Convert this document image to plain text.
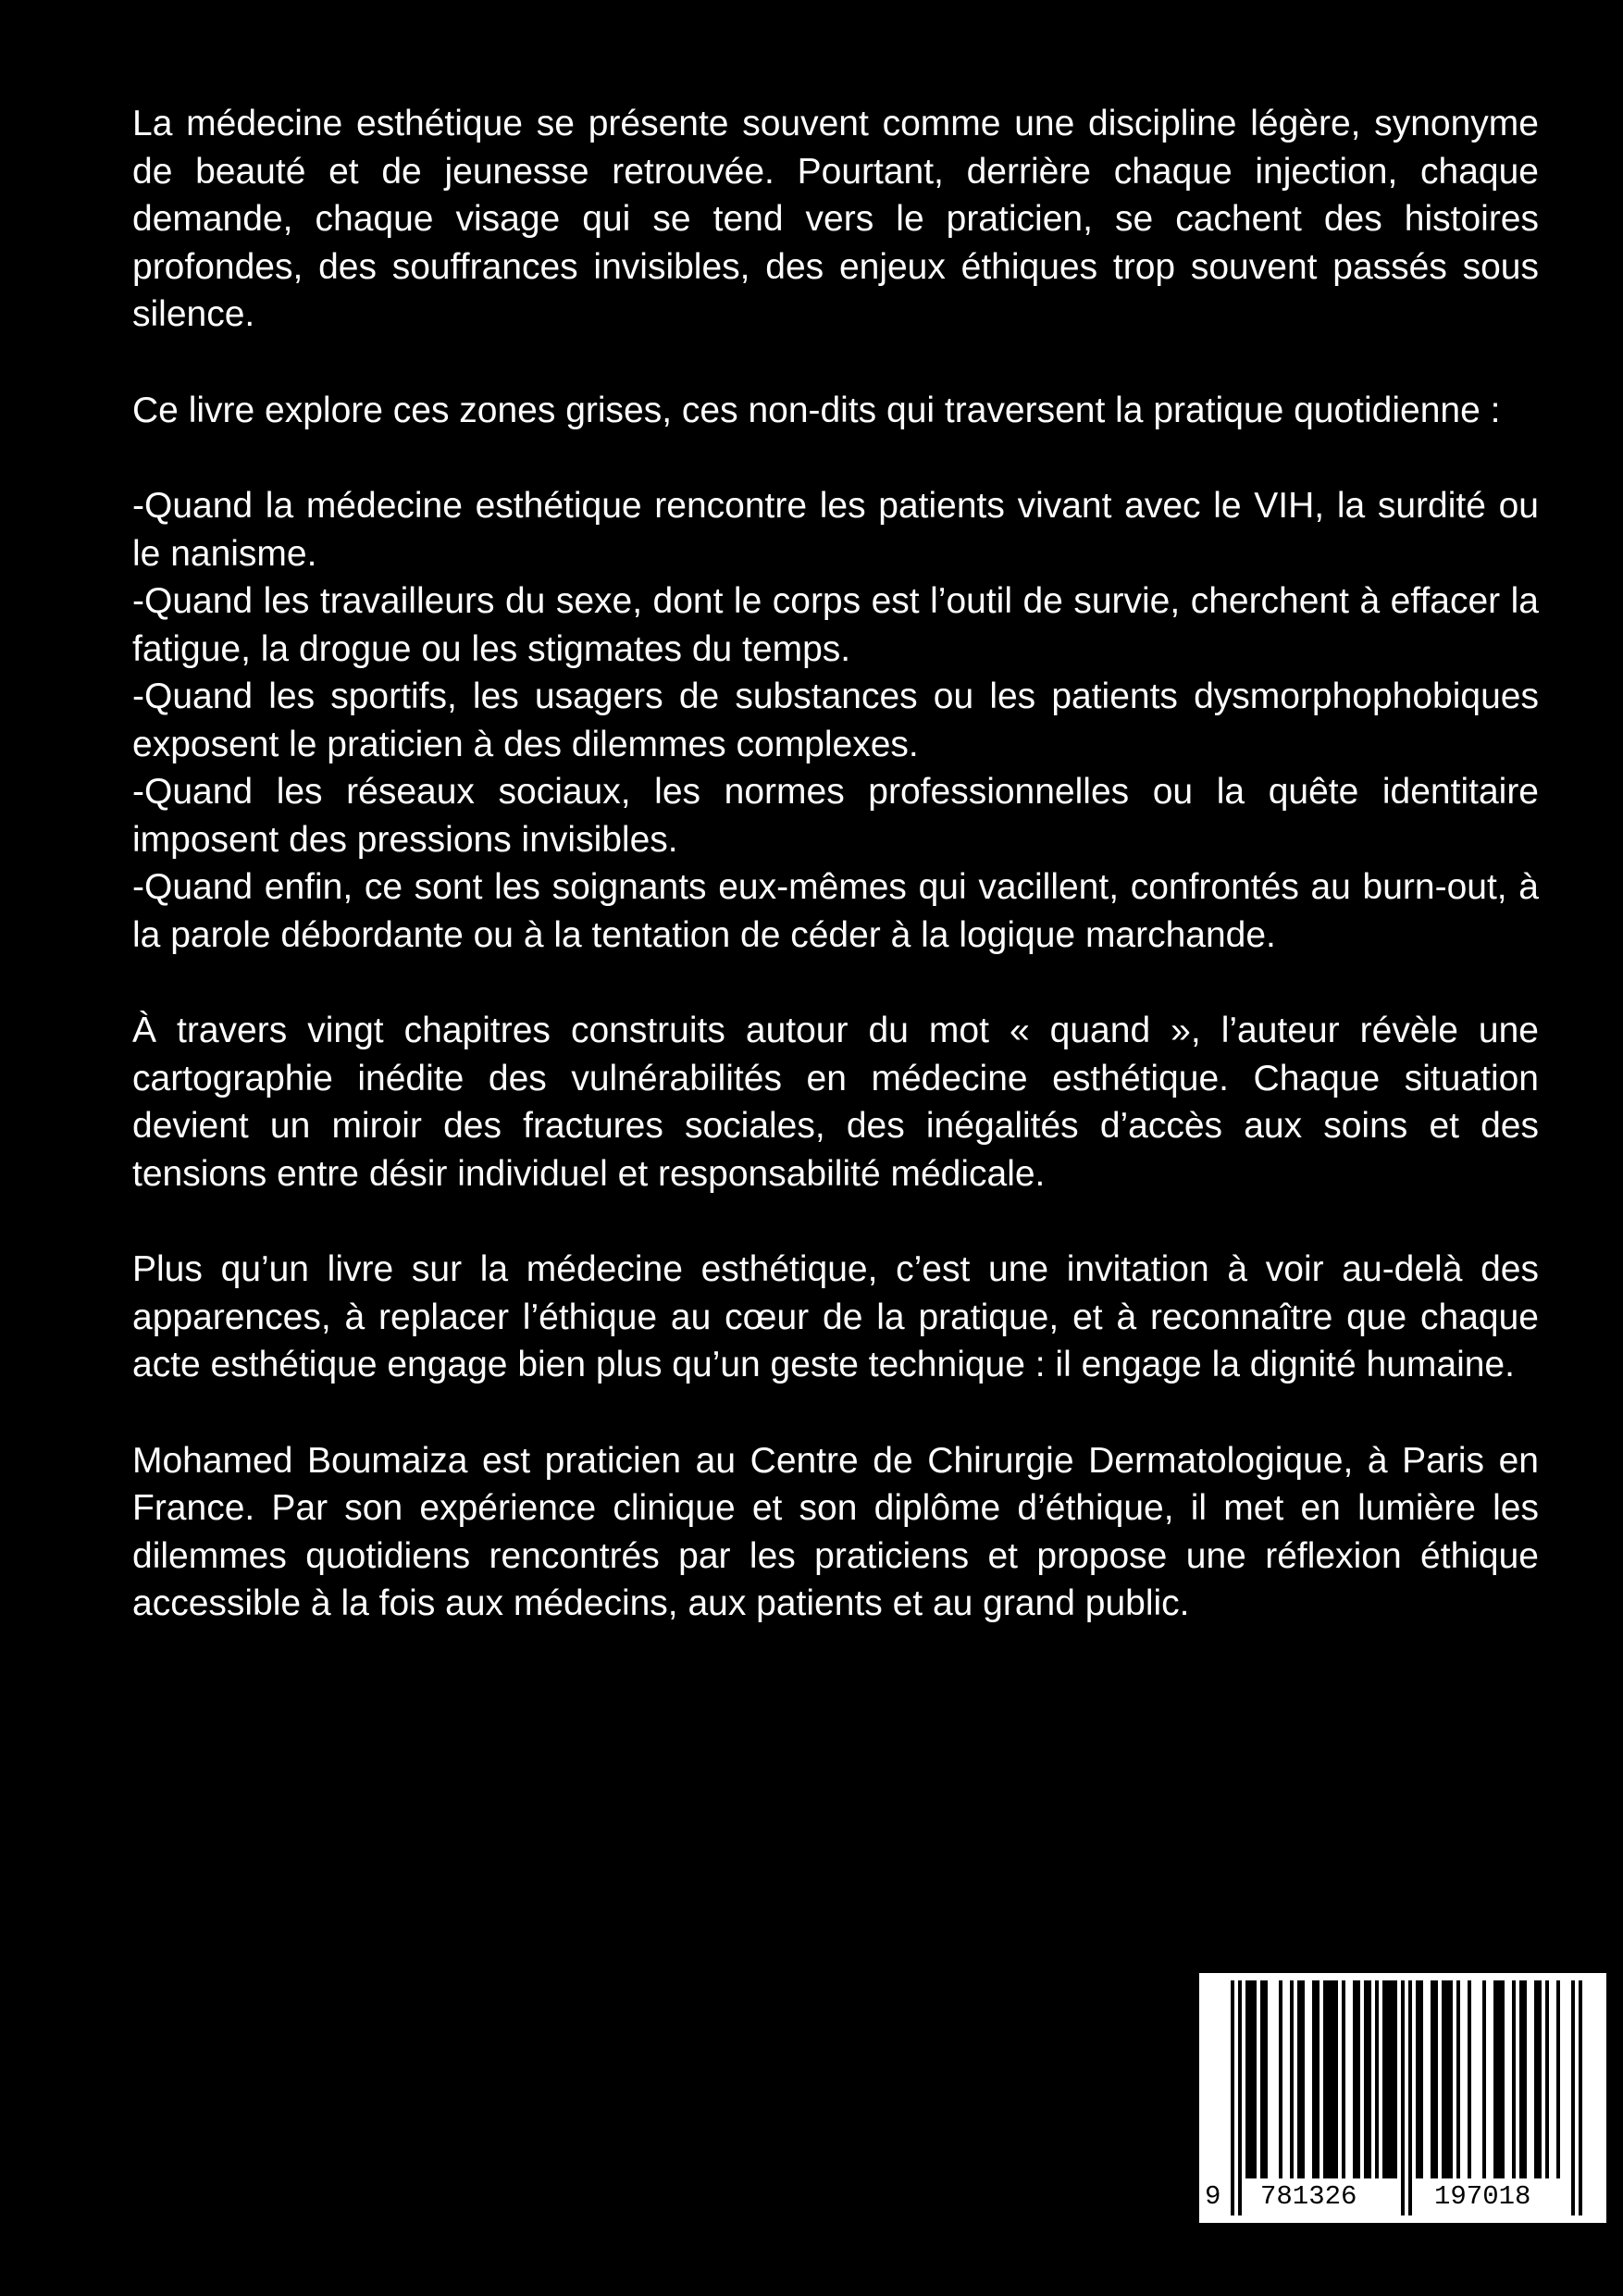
La médecine esthétique se présente souvent comme une discipline légère, synonyme de beauté et de jeunesse retrouvée. Pourtant, derrière chaque injection, chaque demande, chaque visage qui se tend vers le praticien, se cachent des histoires profondes, des souffrances invisibles, des enjeux éthiques trop souvent passés sous silence.

Ce livre explore ces zones grises, ces non-dits qui traversent la pratique quotidienne :

-Quand la médecine esthétique rencontre les patients vivant avec le VIH, la surdité ou le nanisme.
-Quand les travailleurs du sexe, dont le corps est l’outil de survie, cherchent à effacer la fatigue, la drogue ou les stigmates du temps.
-Quand les sportifs, les usagers de substances ou les patients dysmorphophobiques exposent le praticien à des dilemmes complexes.
-Quand les réseaux sociaux, les normes professionnelles ou la quête identitaire imposent des pressions invisibles.
-Quand enfin, ce sont les soignants eux-mêmes qui vacillent, confrontés au burn-out, à la parole débordante ou à la tentation de céder à la logique marchande.

À travers vingt chapitres construits autour du mot « quand », l’auteur révèle une cartographie inédite des vulnérabilités en médecine esthétique. Chaque situation devient un miroir des fractures sociales, des inégalités d’accès aux soins et des tensions entre désir individuel et responsabilité médicale.

Plus qu’un livre sur la médecine esthétique, c’est une invitation à voir au-delà des apparences, à replacer l’éthique au cœur de la pratique, et à reconnaître que chaque acte esthétique engage bien plus qu’un geste technique : il engage la dignité humaine.

Mohamed Boumaiza est praticien au Centre de Chirurgie Dermatologique, à Paris en France. Par son expérience clinique et son diplôme d’éthique, il met en lumière les dilemmes quotidiens rencontrés par les praticiens et propose une réflexion éthique accessible à la fois aux médecins, aux patients et au grand public.

9 781326	197018
